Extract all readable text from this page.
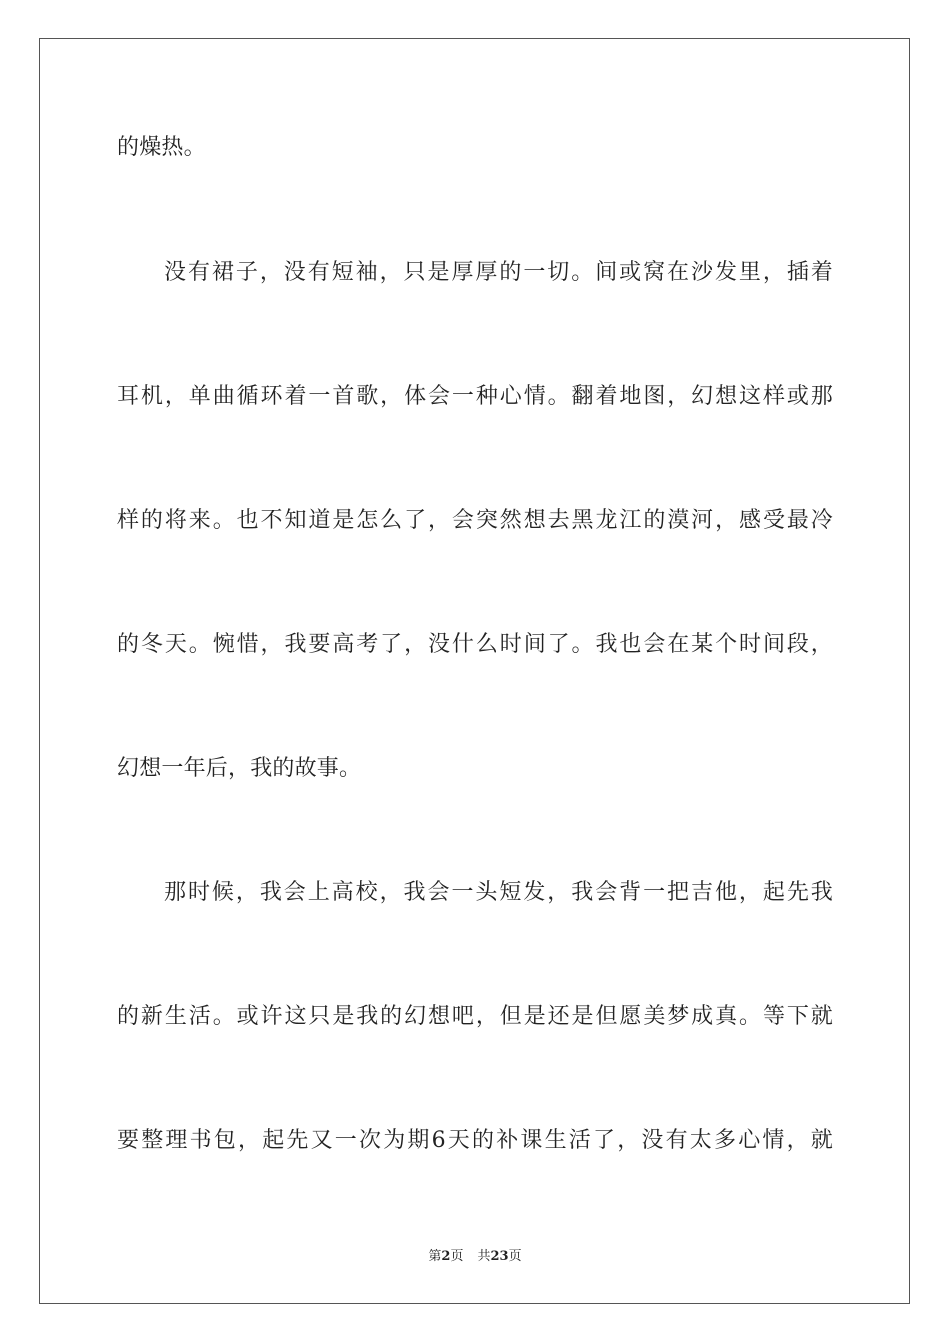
的燥热。
没有裙子，没有短袖，只是厚厚的一切。间或窝在沙发里，插着
耳机，单曲循环着一首歌，体会一种心情。翻着地图，幻想这样或那
样的将来。也不知道是怎么了，会突然想去黑龙江的漠河，感受最冷
的冬天。惋惜，我要高考了，没什么时间了。我也会在某个时间段，
幻想一年后，我的故事。
那时候，我会上高校，我会一头短发，我会背一把吉他，起先我
的新生活。或许这只是我的幻想吧，但是还是但愿美梦成真。等下就
要整理书包，起先又一次为期6天的补课生活了，没有太多心情，就
第2页 共23页
